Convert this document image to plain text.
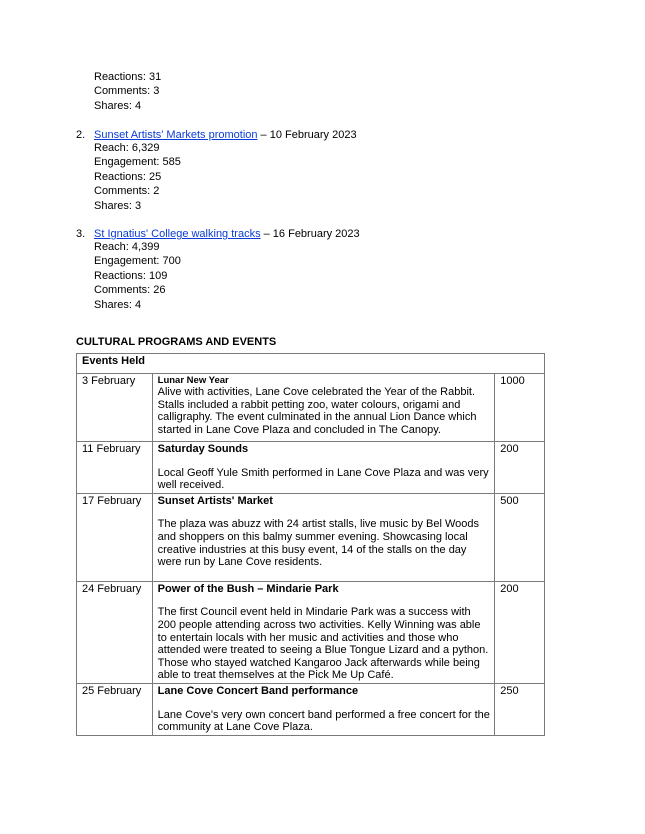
Reactions: 31
Comments: 3
Shares: 4
2. Sunset Artists' Markets promotion – 10 February 2023
Reach: 6,329
Engagement: 585
Reactions: 25
Comments: 2
Shares: 3
3. St Ignatius' College walking tracks – 16 February 2023
Reach: 4,399
Engagement: 700
Reactions: 109
Comments: 26
Shares: 4
CULTURAL PROGRAMS AND EVENTS
Events Held		
3 February	Lunar New Year
Alive with activities, Lane Cove celebrated the Year of the Rabbit. Stalls included a rabbit petting zoo, water colours, origami and calligraphy. The event culminated in the annual Lion Dance which started in Lane Cove Plaza and concluded in The Canopy.	1000
11 February	Saturday Sounds
Local Geoff Yule Smith performed in Lane Cove Plaza and was very well received.	200
17 February	Sunset Artists' Market
The plaza was abuzz with 24 artist stalls, live music by Bel Woods and shoppers on this balmy summer evening. Showcasing local creative industries at this busy event, 14 of the stalls on the day were run by Lane Cove residents.	500
24 February	Power of the Bush – Mindarie Park
The first Council event held in Mindarie Park was a success with 200 people attending across two activities. Kelly Winning was able to entertain locals with her music and activities and those who attended were treated to seeing a Blue Tongue Lizard and a python. Those who stayed watched Kangaroo Jack afterwards while being able to treat themselves at the Pick Me Up Café.	200
25 February	Lane Cove Concert Band performance
Lane Cove's very own concert band performed a free concert for the community at Lane Cove Plaza.	250
